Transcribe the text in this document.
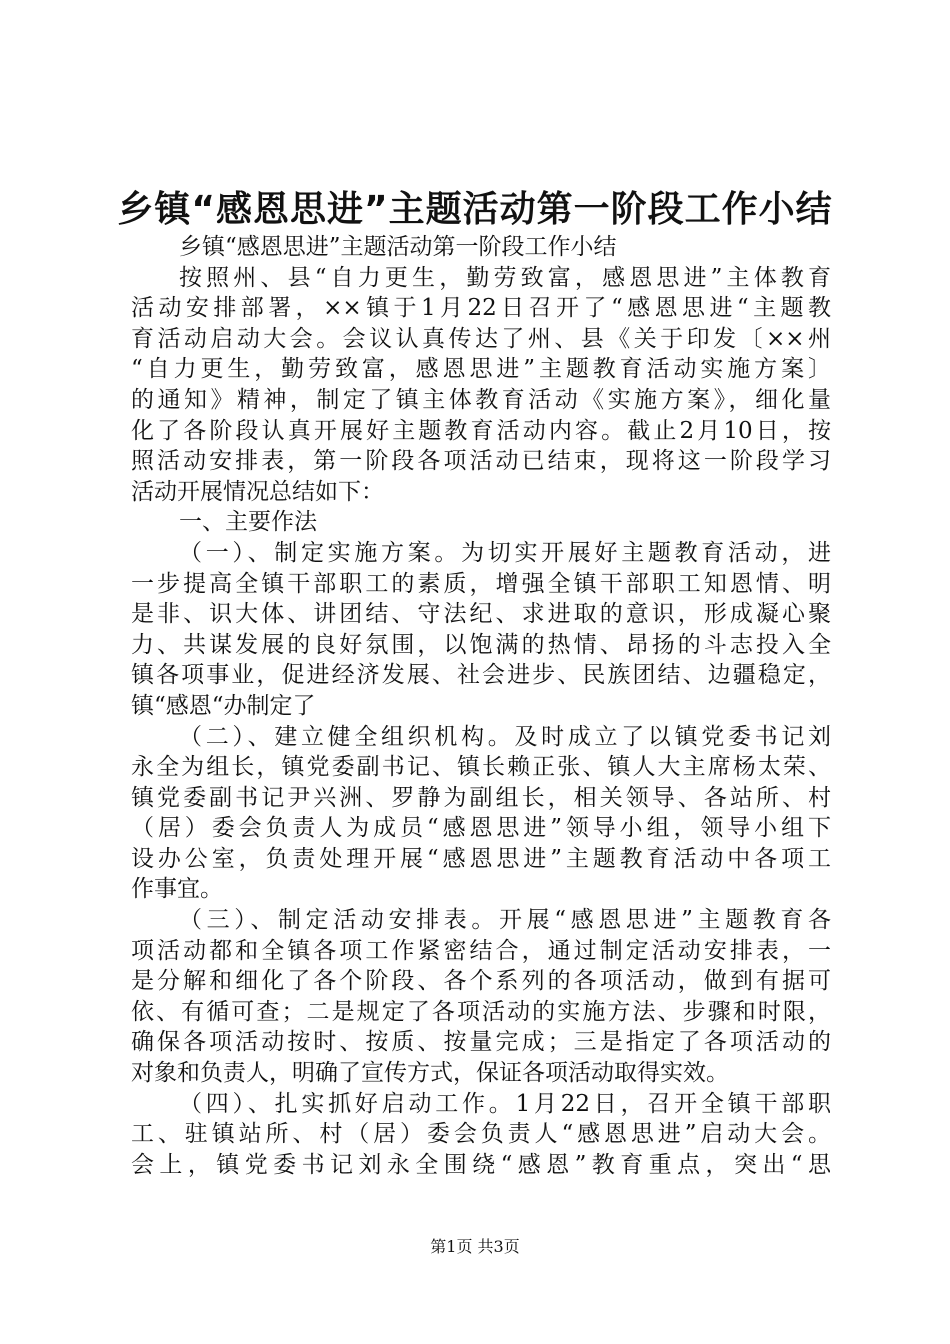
乡镇“感恩思进”主题活动第一阶段工作小结
乡镇“感恩思进”主题活动第一阶段工作小结
按照州、县“自力更生，勤劳致富，感恩思进”主体教育
活动安排部署，××镇于1月22日召开了“感恩思进“主题教
育活动启动大会。会议认真传达了州、县《关于印发〔××州
“自力更生，勤劳致富，感恩思进”主题教育活动实施方案〕
的通知》精神，制定了镇主体教育活动《实施方案》，细化量
化了各阶段认真开展好主题教育活动内容。截止2月10日，按
照活动安排表，第一阶段各项活动已结束，现将这一阶段学习
活动开展情况总结如下：
一、主要作法
（一）、制定实施方案。为切实开展好主题教育活动，进
一步提高全镇干部职工的素质，增强全镇干部职工知恩情、明
是非、识大体、讲团结、守法纪、求进取的意识，形成凝心聚
力、共谋发展的良好氛围，以饱满的热情、昂扬的斗志投入全
镇各项事业，促进经济发展、社会进步、民族团结、边疆稳定，
镇“感恩“办制定了
（二）、建立健全组织机构。及时成立了以镇党委书记刘
永全为组长，镇党委副书记、镇长赖正张、镇人大主席杨太荣、
镇党委副书记尹兴洲、罗静为副组长，相关领导、各站所、村
（居）委会负责人为成员“感恩思进”领导小组，领导小组下
设办公室，负责处理开展“感恩思进”主题教育活动中各项工
作事宜。
（三）、制定活动安排表。开展“感恩思进”主题教育各
项活动都和全镇各项工作紧密结合，通过制定活动安排表，一
是分解和细化了各个阶段、各个系列的各项活动，做到有据可
依、有循可查；二是规定了各项活动的实施方法、步骤和时限，
确保各项活动按时、按质、按量完成；三是指定了各项活动的
对象和负责人，明确了宣传方式，保证各项活动取得实效。
（四）、扎实抓好启动工作。1月22日，召开全镇干部职
工、驻镇站所、村（居）委会负责人“感恩思进”启动大会。
会上，镇党委书记刘永全围绕“感恩”教育重点，突出“思
第1页 共3页
